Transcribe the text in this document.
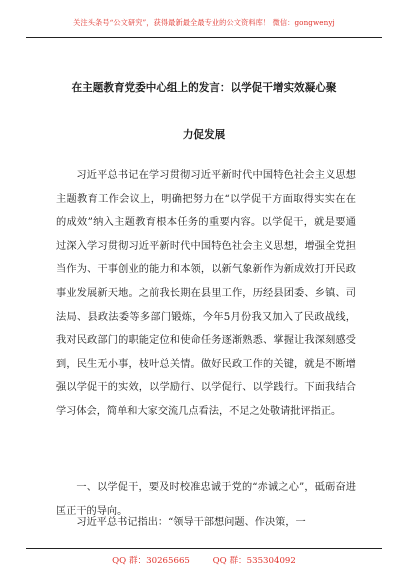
关注头条号“公文研究”，获得最新最全最专业的公文资料库！ 微信：gongwenyj
在主题教育党委中心组上的发言：以学促干增实效凝心聚
力促发展

习近平总书记在学习贯彻习近平新时代中国特色社会主义思想主题教育工作会议上，明确把努力在“以学促干方面取得实实在在的成效”纳入主题教育根本任务的重要内容。以学促干，就是要通过深入学习贯彻习近平新时代中国特色社会主义思想，增强全党担当作为、干事创业的能力和本领，以新气象新作为新成效打开民政事业发展新天地。之前我长期在县里工作，历经县团委、乡镇、司法局、县政法委等多部门锻炼，今年5月份我又加入了民政战线，我对民政部门的职能定位和使命任务逐渐熟悉、掌握让我深刻感受到，民生无小事，枝叶总关情。做好民政工作的关键，就是不断增强以学促干的实效，以学励行、以学促行、以学践行。下面我结合学习体会，简单和大家交流几点看法，不足之处敬请批评指正。

一、以学促干，要及时校准忠诚于党的“赤诚之心”，砥砺奋进匡正干的导向。

习近平总书记指出：“领导干部想问题、作决策，一

QQ 群：30265665	QQ 群：535304092
